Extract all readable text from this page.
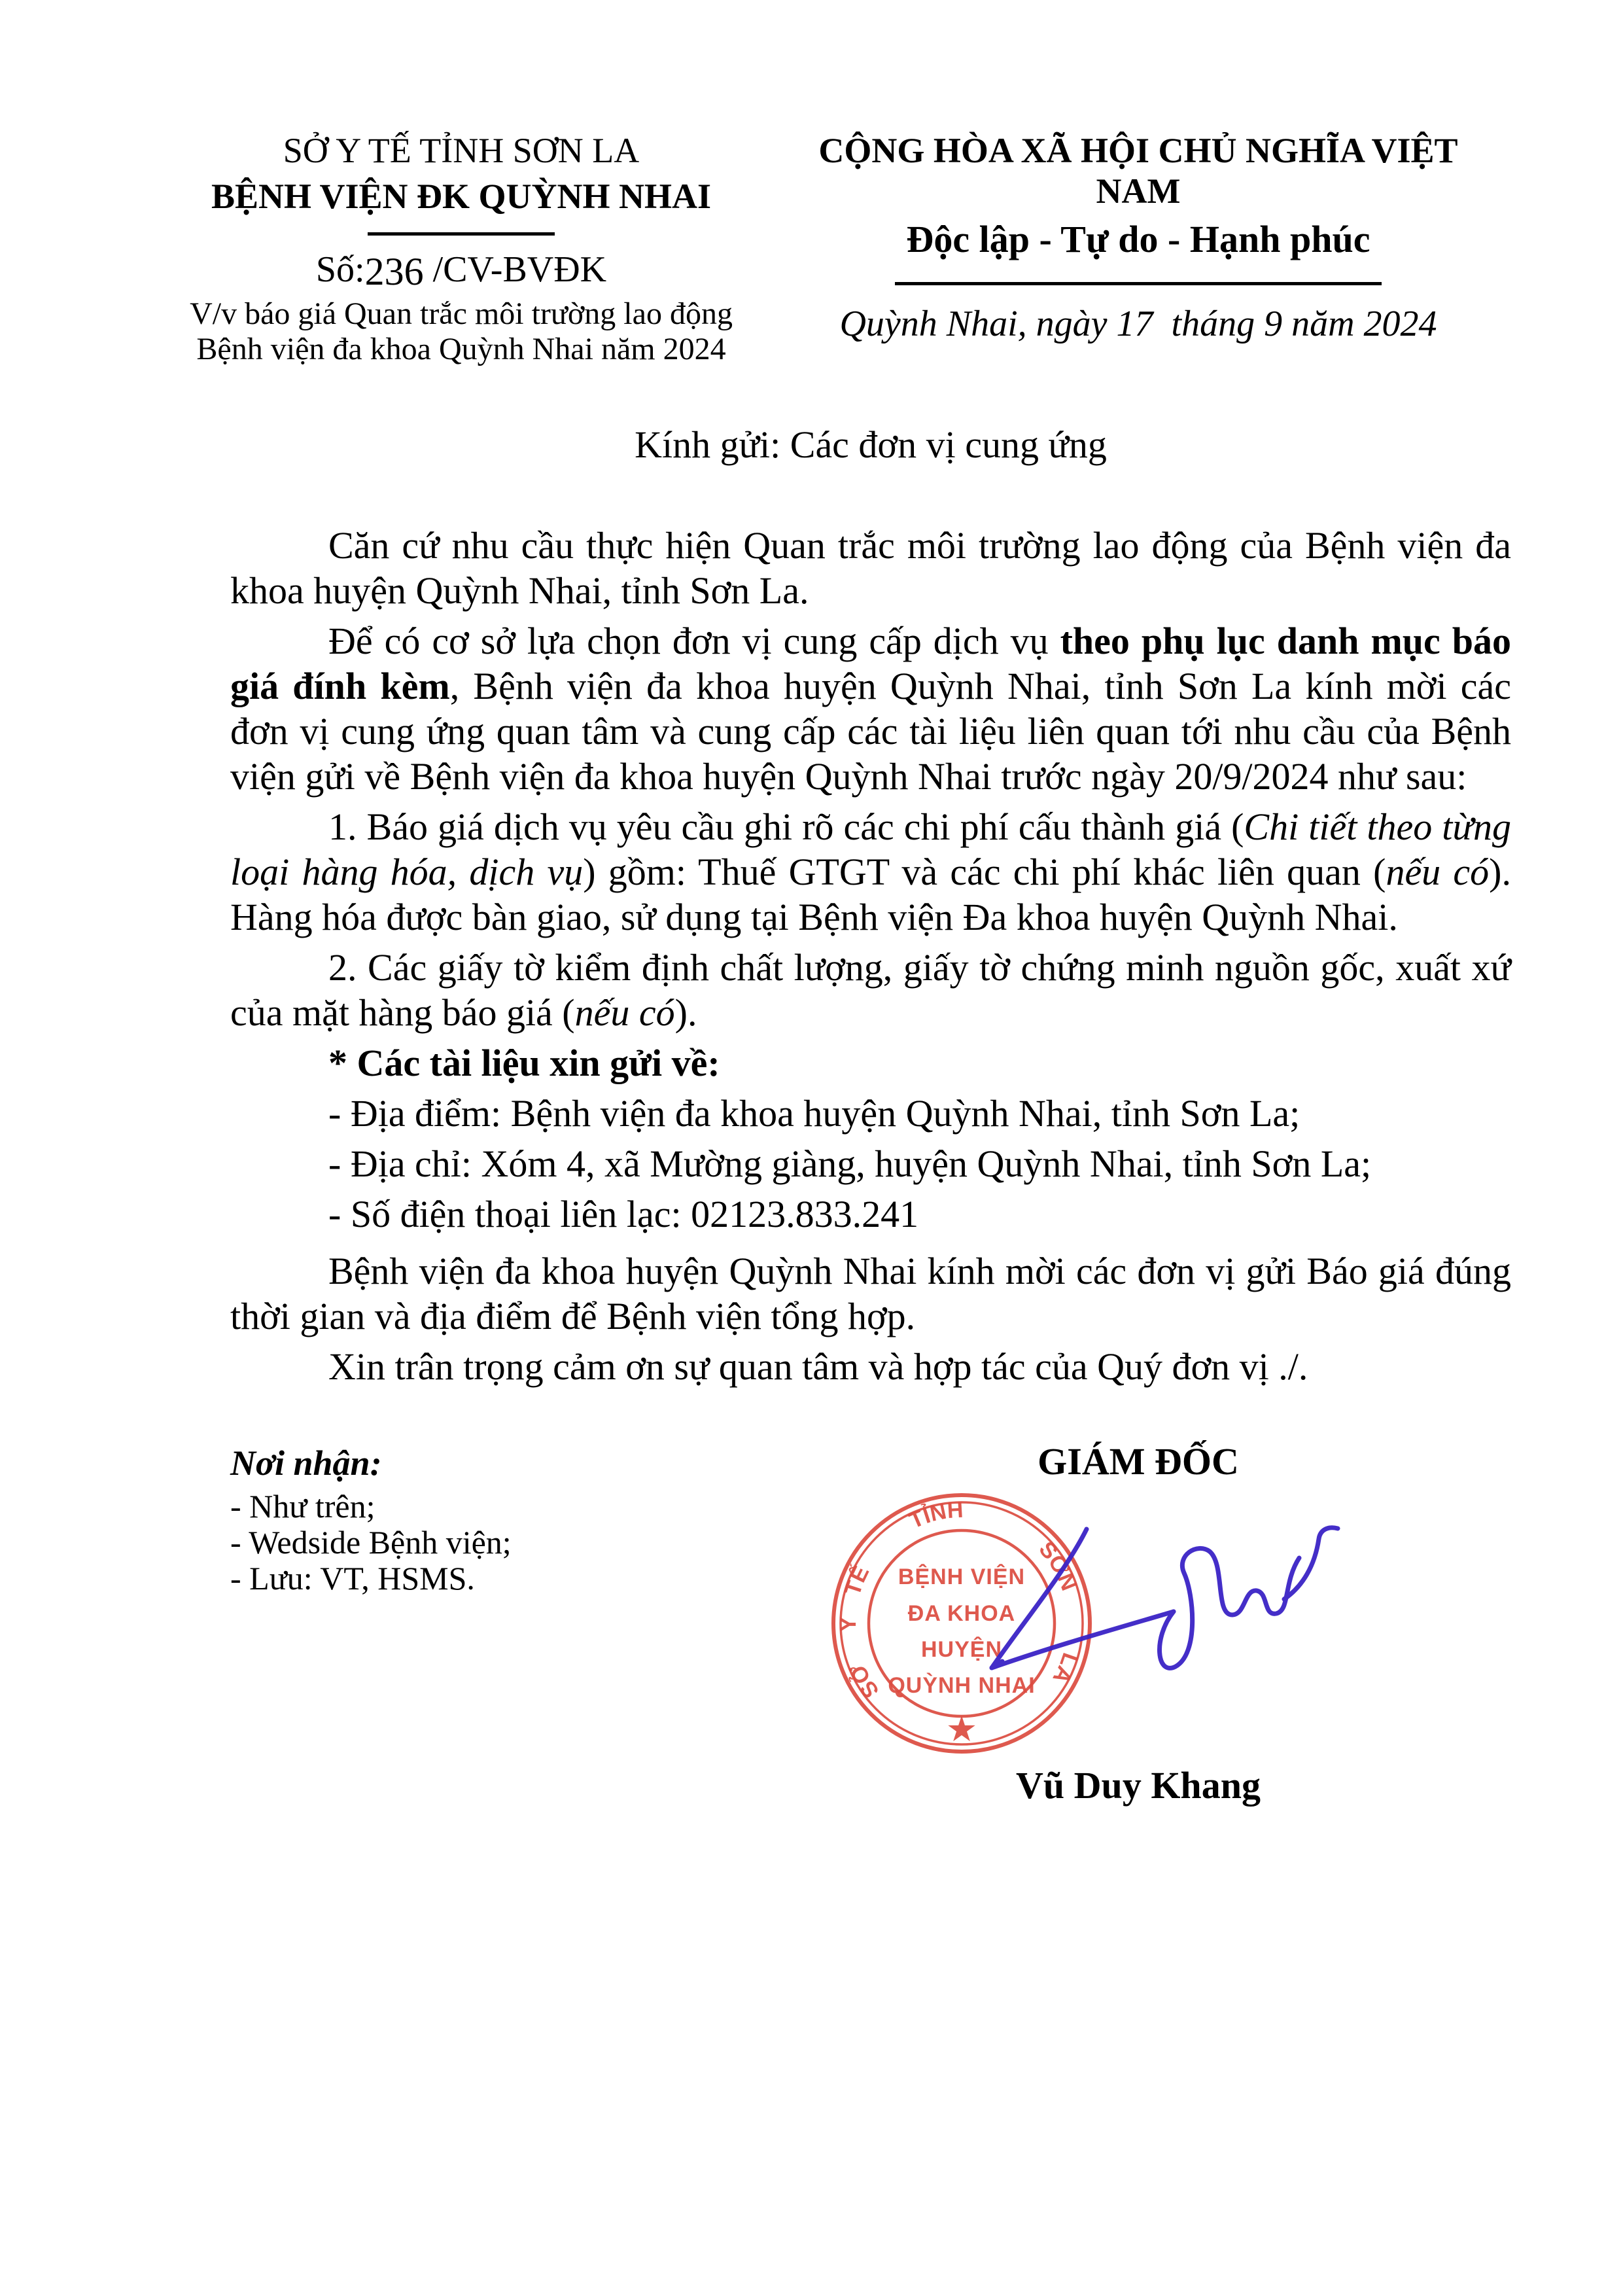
SỞ Y TẾ TỈNH SƠN LA
BỆNH VIỆN ĐK QUỲNH NHAI
Số:236 /CV-BVĐK
V/v báo giá Quan trắc môi trường lao động
Bệnh viện đa khoa Quỳnh Nhai năm 2024
CỘNG HÒA XÃ HỘI CHỦ NGHĨA VIỆT NAM
Độc lập - Tự do - Hạnh phúc
Quỳnh Nhai, ngày 17  tháng 9 năm 2024
Kính gửi: Các đơn vị cung ứng
Căn cứ nhu cầu thực hiện Quan trắc môi trường lao động của Bệnh viện đa khoa huyện Quỳnh Nhai, tỉnh Sơn La.
Để có cơ sở lựa chọn đơn vị cung cấp dịch vụ theo phụ lục danh mục báo giá đính kèm, Bệnh viện đa khoa huyện Quỳnh Nhai, tỉnh Sơn La kính mời các đơn vị cung ứng quan tâm và cung cấp các tài liệu liên quan tới nhu cầu của Bệnh viện gửi về Bệnh viện đa khoa huyện Quỳnh Nhai trước ngày 20/9/2024 như sau:
1. Báo giá dịch vụ yêu cầu ghi rõ các chi phí cấu thành giá (Chi tiết theo từng loại hàng hóa, dịch vụ) gồm: Thuế GTGT và các chi phí khác liên quan (nếu có). Hàng hóa được bàn giao, sử dụng tại Bệnh viện Đa khoa huyện Quỳnh Nhai.
2. Các giấy tờ kiểm định chất lượng, giấy tờ chứng minh nguồn gốc, xuất xứ của mặt hàng báo giá (nếu có).
* Các tài liệu xin gửi về:
- Địa điểm: Bệnh viện đa khoa huyện Quỳnh Nhai, tỉnh Sơn La;
- Địa chỉ: Xóm 4, xã Mường giàng, huyện Quỳnh Nhai, tỉnh Sơn La;
- Số điện thoại liên lạc: 02123.833.241
Bệnh viện đa khoa huyện Quỳnh Nhai kính mời các đơn vị gửi Báo giá đúng thời gian và địa điểm để Bệnh viện tổng hợp.
Xin trân trọng cảm ơn sự quan tâm và hợp tác của Quý đơn vị ./.
Nơi nhận:
- Như trên;
- Wedside Bệnh viện;
- Lưu: VT, HSMS.
GIÁM ĐỐC
Vũ Duy Khang
SỞ
Y
TẾ
TỈNH
SƠN
LA
BỆNH VIỆN
ĐA KHOA
HUYỆN
QUỲNH NHAI
★
